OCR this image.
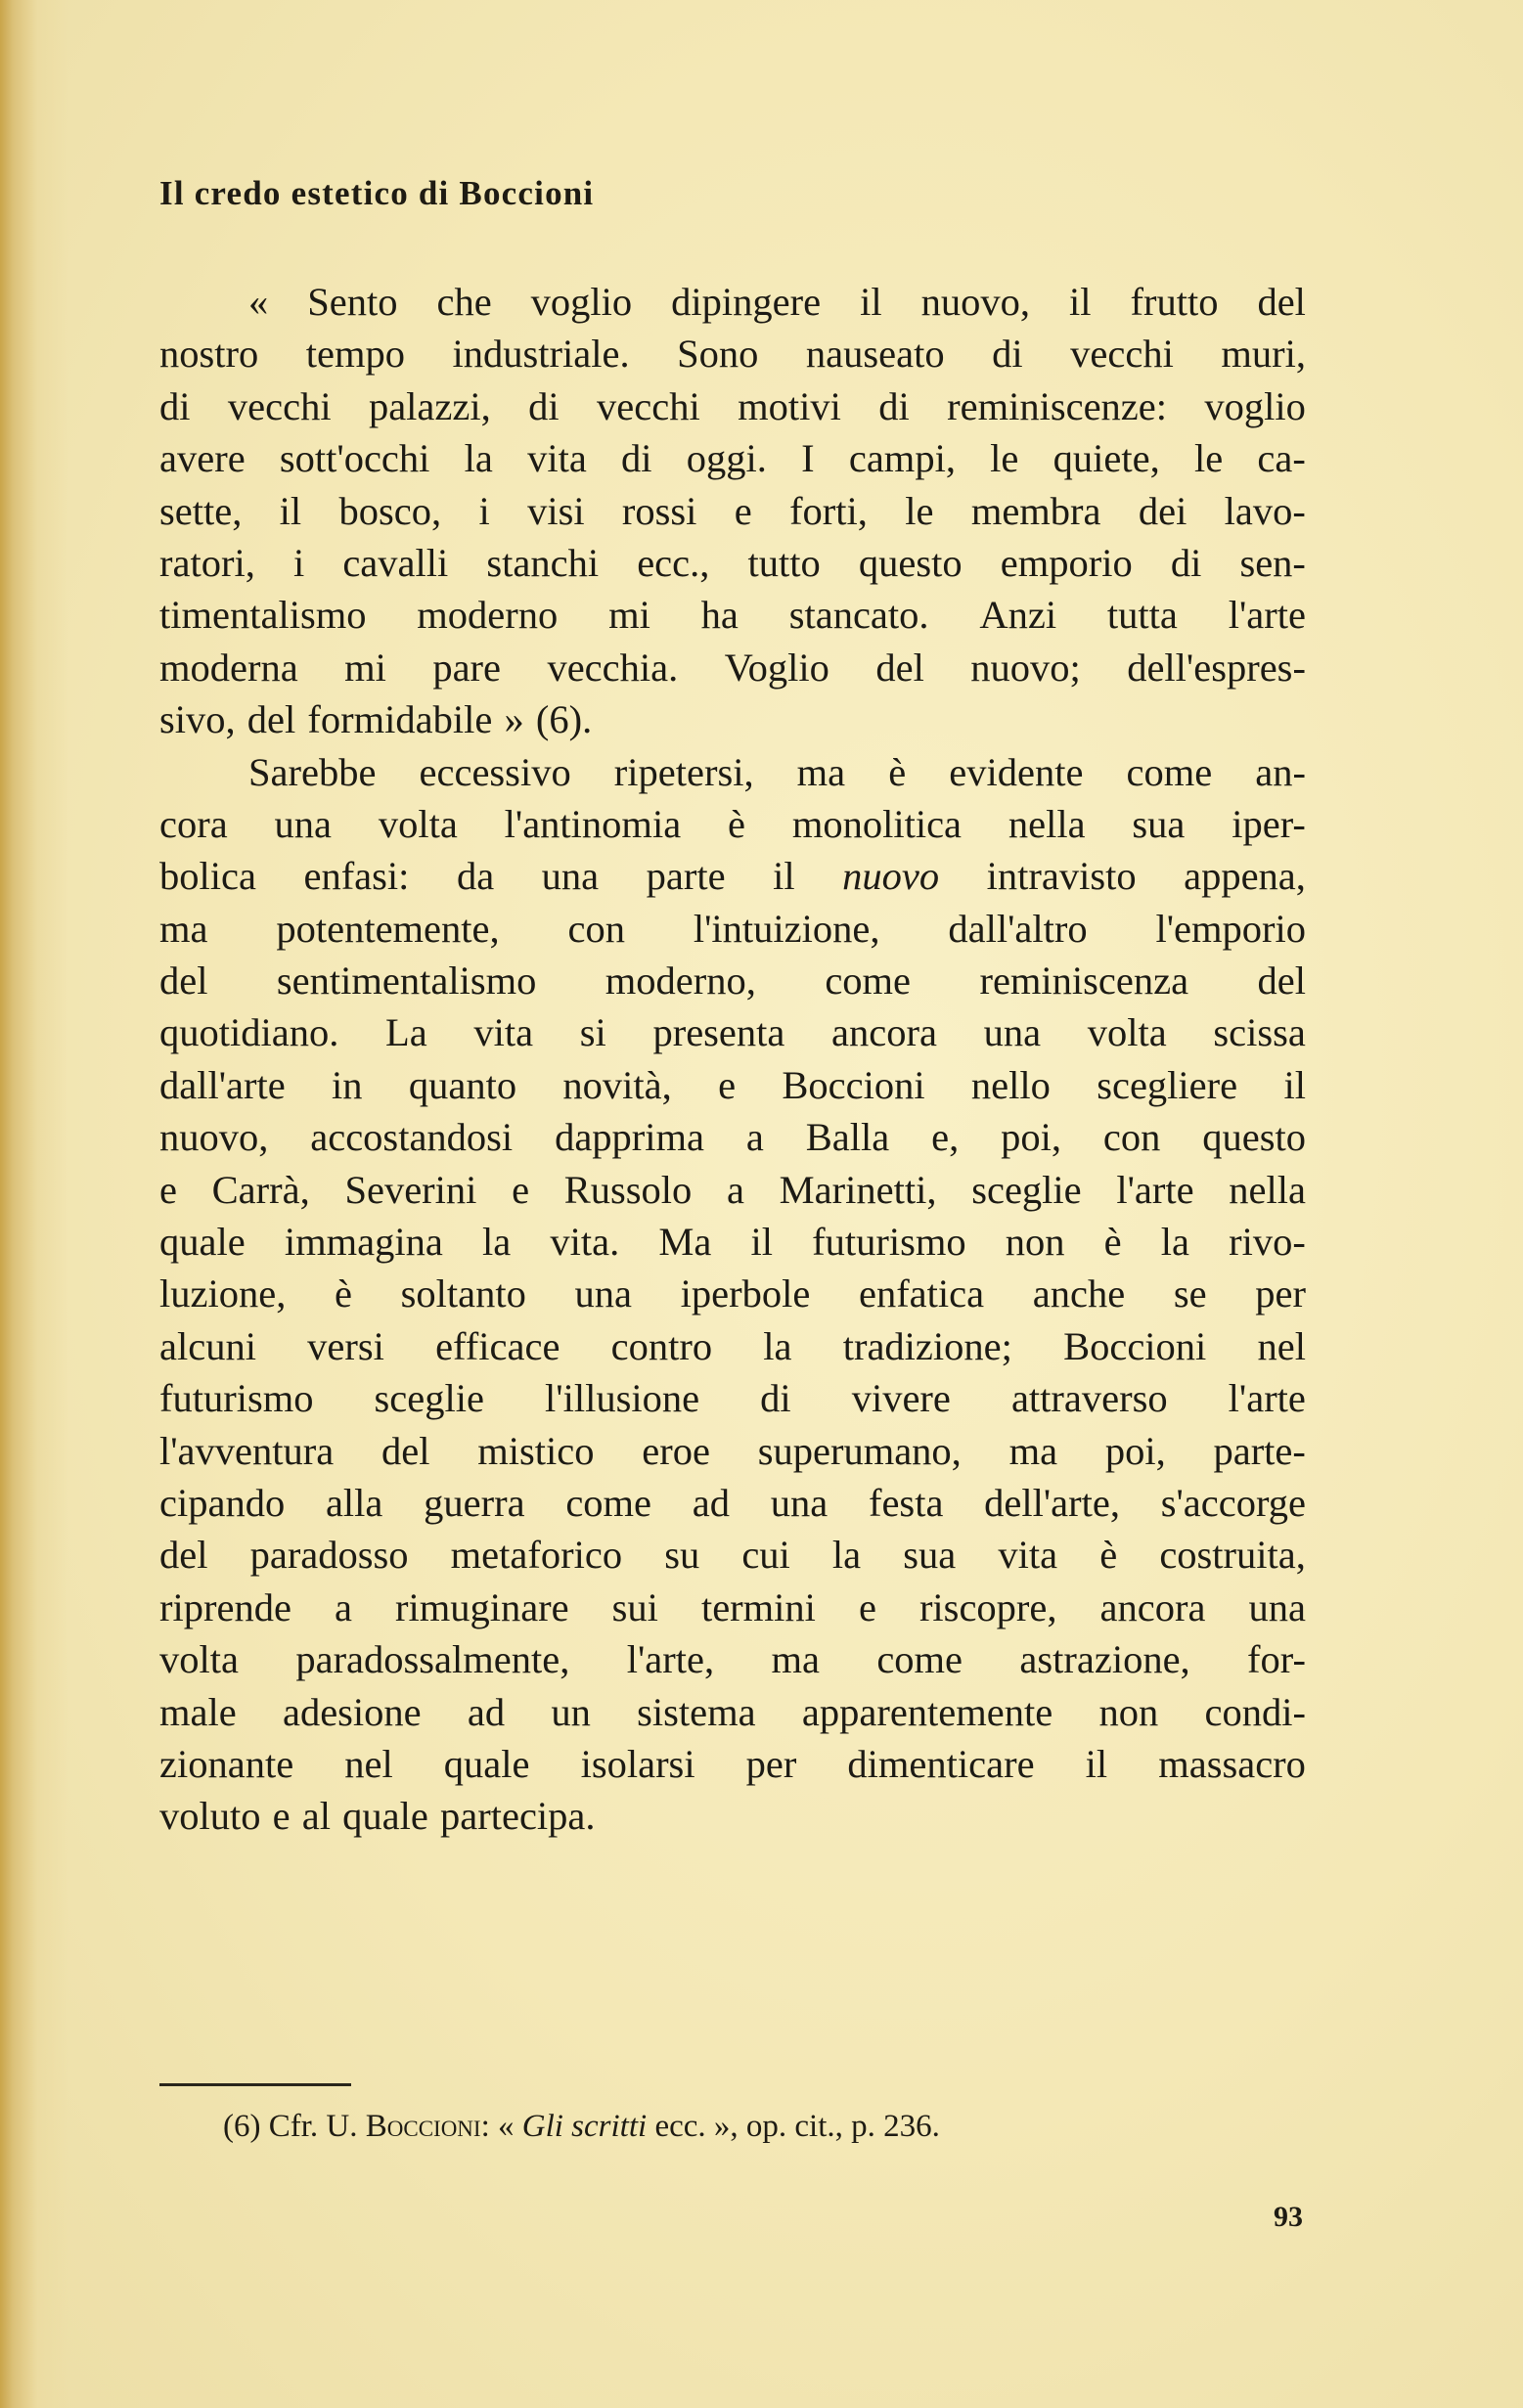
Il credo estetico di Boccioni
« Sento che voglio dipingere il nuovo, il frutto del
nostro tempo industriale. Sono nauseato di vecchi muri,
di vecchi palazzi, di vecchi motivi di reminiscenze: voglio
avere sott'occhi la vita di oggi. I campi, le quiete, le ca-
sette, il bosco, i visi rossi e forti, le membra dei lavo-
ratori, i cavalli stanchi ecc., tutto questo emporio di sen-
timentalismo moderno mi ha stancato. Anzi tutta l'arte
moderna mi pare vecchia. Voglio del nuovo; dell'espres-
sivo, del formidabile » (6).
Sarebbe eccessivo ripetersi, ma è evidente come an-
cora una volta l'antinomia è monolitica nella sua iper-
bolica enfasi: da una parte il nuovo intravisto appena,
ma potentemente, con l'intuizione, dall'altro l'emporio
del sentimentalismo moderno, come reminiscenza del
quotidiano. La vita si presenta ancora una volta scissa
dall'arte in quanto novità, e Boccioni nello scegliere il
nuovo, accostandosi dapprima a Balla e, poi, con questo
e Carrà, Severini e Russolo a Marinetti, sceglie l'arte nella
quale immagina la vita. Ma il futurismo non è la rivo-
luzione, è soltanto una iperbole enfatica anche se per
alcuni versi efficace contro la tradizione; Boccioni nel
futurismo sceglie l'illusione di vivere attraverso l'arte
l'avventura del mistico eroe superumano, ma poi, parte-
cipando alla guerra come ad una festa dell'arte, s'accorge
del paradosso metaforico su cui la sua vita è costruita,
riprende a rimuginare sui termini e riscopre, ancora una
volta paradossalmente, l'arte, ma come astrazione, for-
male adesione ad un sistema apparentemente non condi-
zionante nel quale isolarsi per dimenticare il massacro
voluto e al quale partecipa.
(6) Cfr. U. Boccioni: « Gli scritti ecc. », op. cit., p. 236.
93
